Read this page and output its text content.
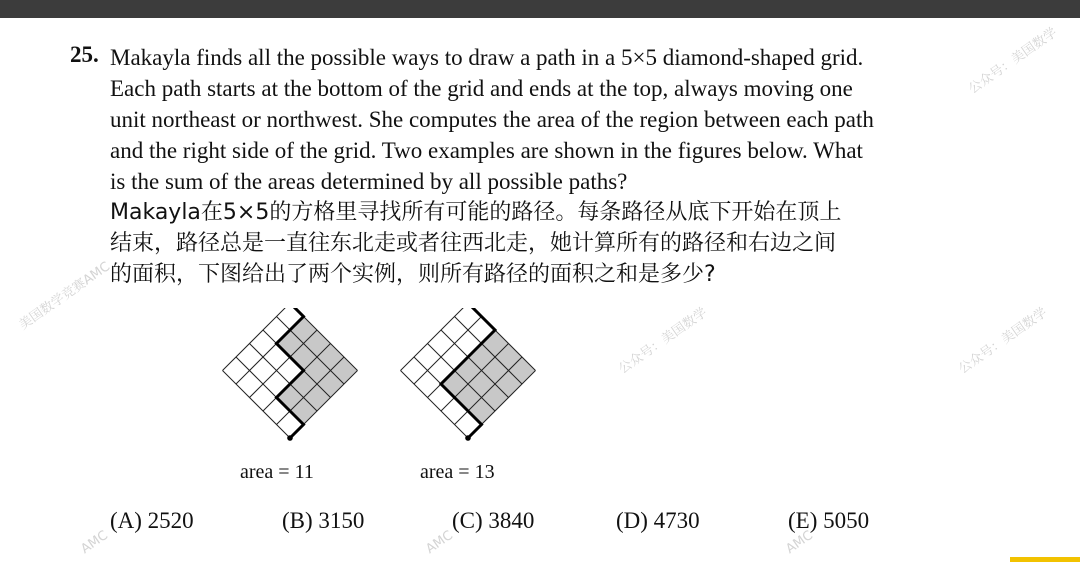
美国数学竞赛AMC
公众号：美国数学	公众号：美国数学
公众号：美国数学
AMC	AMC	AMC
25. Makayla finds all the possible ways to draw a path in a 5×5 diamond-shaped grid.
Each path starts at the bottom of the grid and ends at the top, always moving one
unit northeast or northwest. She computes the area of the region between each path
and the right side of the grid. Two examples are shown in the figures below. What
is the sum of the areas determined by all possible paths?
Makayla在5×5的方格里寻找所有可能的路径。每条路径从底下开始在顶上
结束，路径总是一直往东北走或者往西北走，她计算所有的路径和右边之间
的面积，下图给出了两个实例，则所有路径的面积之和是多少?
area = 11	area = 13
(A) 2520	(B) 3150	(C) 3840	(D) 4730	(E) 5050
